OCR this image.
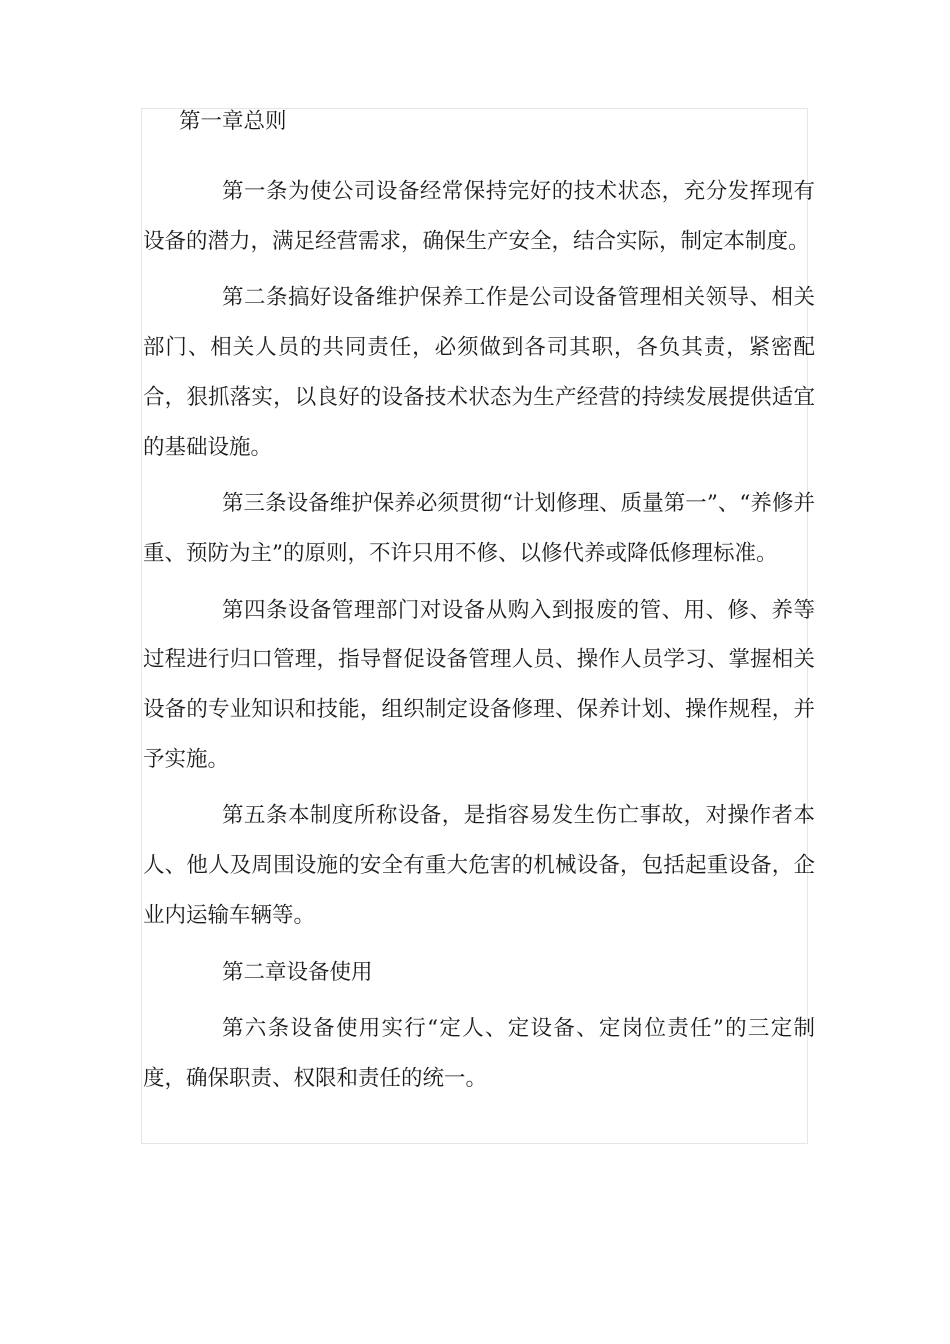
第一章总则

第一条为使公司设备经常保持完好的技术状态，充分发挥现有设备的潜力，满足经营需求，确保生产安全，结合实际，制定本制度。

第二条搞好设备维护保养工作是公司设备管理相关领导、相关部门、相关人员的共同责任，必须做到各司其职，各负其责，紧密配合，狠抓落实，以良好的设备技术状态为生产经营的持续发展提供适宜的基础设施。

第三条设备维护保养必须贯彻“计划修理、质量第一”、“养修并重、预防为主”的原则，不许只用不修、以修代养或降低修理标准。

第四条设备管理部门对设备从购入到报废的管、用、修、养等过程进行归口管理，指导督促设备管理人员、操作人员学习、掌握相关设备的专业知识和技能，组织制定设备修理、保养计划、操作规程，并予实施。

第五条本制度所称设备，是指容易发生伤亡事故，对操作者本人、他人及周围设施的安全有重大危害的机械设备，包括起重设备，企业内运输车辆等。

第二章设备使用

第六条设备使用实行“定人、定设备、定岗位责任”的三定制度，确保职责、权限和责任的统一。
